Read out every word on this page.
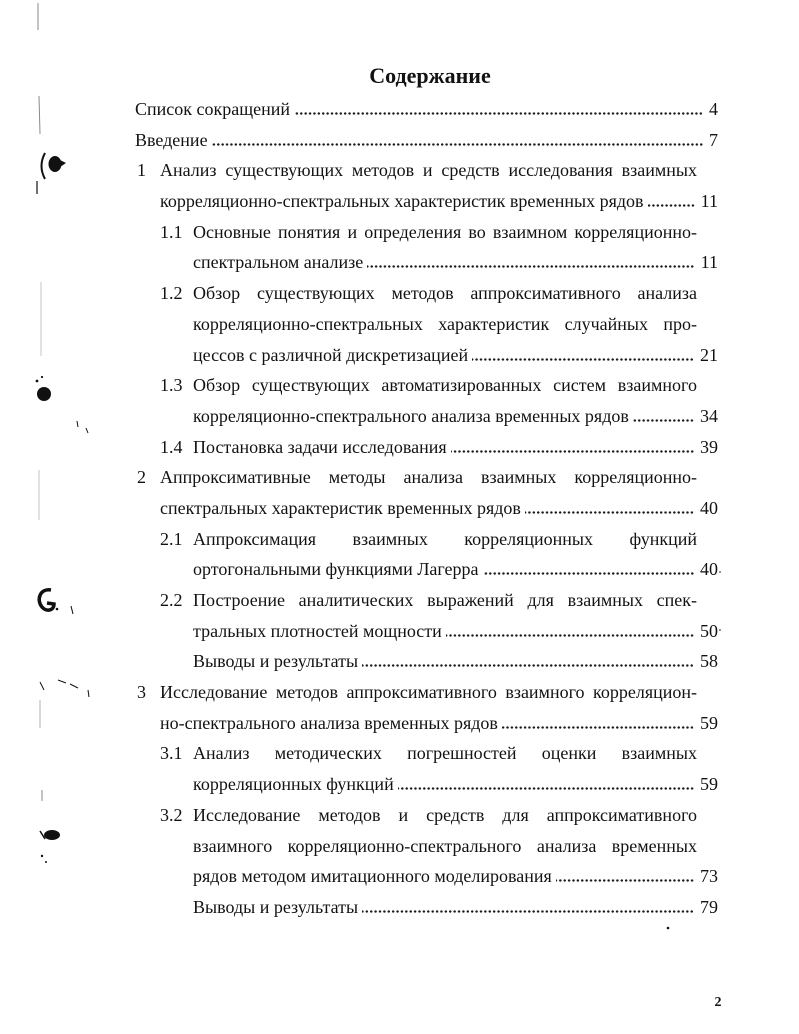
Содержание
Список сокращений	4
Введение	7
1 Анализ существующих методов и средств исследования взаимных
корреляционно-спектральных характеристик временных рядов	11
1.1 Основные понятия и определения во взаимном корреляционно-
спектральном анализе	11
1.2 Обзор существующих методов аппроксимативного анализа
корреляционно-спектральных характеристик случайных про-
цессов с различной дискретизацией	21
1.3 Обзор существующих автоматизированных систем взаимного
корреляционно-спектрального анализа временных рядов	34
1.4 Постановка задачи исследования	39
2 Аппроксимативные методы анализа взаимных корреляционно-
спектральных характеристик временных рядов	40
2.1 Аппроксимация взаимных корреляционных функций
ортогональными функциями Лагерра	40
2.2 Построение аналитических выражений для взаимных спек-
тральных плотностей мощности	50
Выводы и результаты	58
3 Исследование методов аппроксимативного взаимного корреляцион-
но-спектрального анализа временных рядов	59
3.1 Анализ методических погрешностей оценки взаимных
корреляционных функций	59
3.2 Исследование методов и средств для аппроксимативного
взаимного корреляционно-спектрального анализа временных
рядов методом имитационного моделирования	73
Выводы и результаты	79
2
